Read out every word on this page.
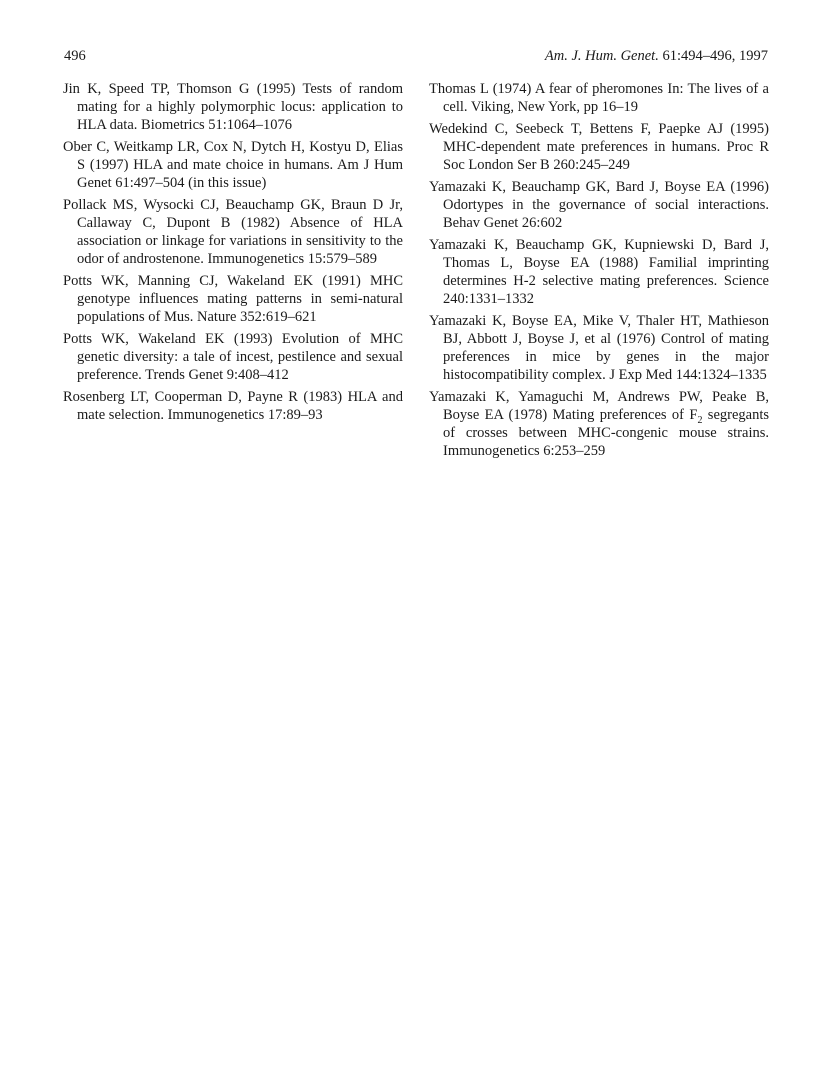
496	Am. J. Hum. Genet. 61:494–496, 1997

Jin K, Speed TP, Thomson G (1995) Tests of random mating for a highly polymorphic locus: application to HLA data. Biometrics 51:1064–1076

Ober C, Weitkamp LR, Cox N, Dytch H, Kostyu D, Elias S (1997) HLA and mate choice in humans. Am J Hum Genet 61:497–504 (in this issue)

Pollack MS, Wysocki CJ, Beauchamp GK, Braun D Jr, Callaway C, Dupont B (1982) Absence of HLA association or linkage for variations in sensitivity to the odor of androstenone. Immunogenetics 15:579–589

Potts WK, Manning CJ, Wakeland EK (1991) MHC genotype influences mating patterns in semi-natural populations of Mus. Nature 352:619–621

Potts WK, Wakeland EK (1993) Evolution of MHC genetic diversity: a tale of incest, pestilence and sexual preference. Trends Genet 9:408–412

Rosenberg LT, Cooperman D, Payne R (1983) HLA and mate selection. Immunogenetics 17:89–93

Thomas L (1974) A fear of pheromones In: The lives of a cell. Viking, New York, pp 16–19

Wedekind C, Seebeck T, Bettens F, Paepke AJ (1995) MHC-dependent mate preferences in humans. Proc R Soc London Ser B 260:245–249

Yamazaki K, Beauchamp GK, Bard J, Boyse EA (1996) Odortypes in the governance of social interactions. Behav Genet 26:602

Yamazaki K, Beauchamp GK, Kupniewski D, Bard J, Thomas L, Boyse EA (1988) Familial imprinting determines H-2 selective mating preferences. Science 240:1331–1332

Yamazaki K, Boyse EA, Mike V, Thaler HT, Mathieson BJ, Abbott J, Boyse J, et al (1976) Control of mating preferences in mice by genes in the major histocompatibility complex. J Exp Med 144:1324–1335

Yamazaki K, Yamaguchi M, Andrews PW, Peake B, Boyse EA (1978) Mating preferences of $F_2$ segregants of crosses between MHC-congenic mouse strains. Immunogenetics 6:253–259
